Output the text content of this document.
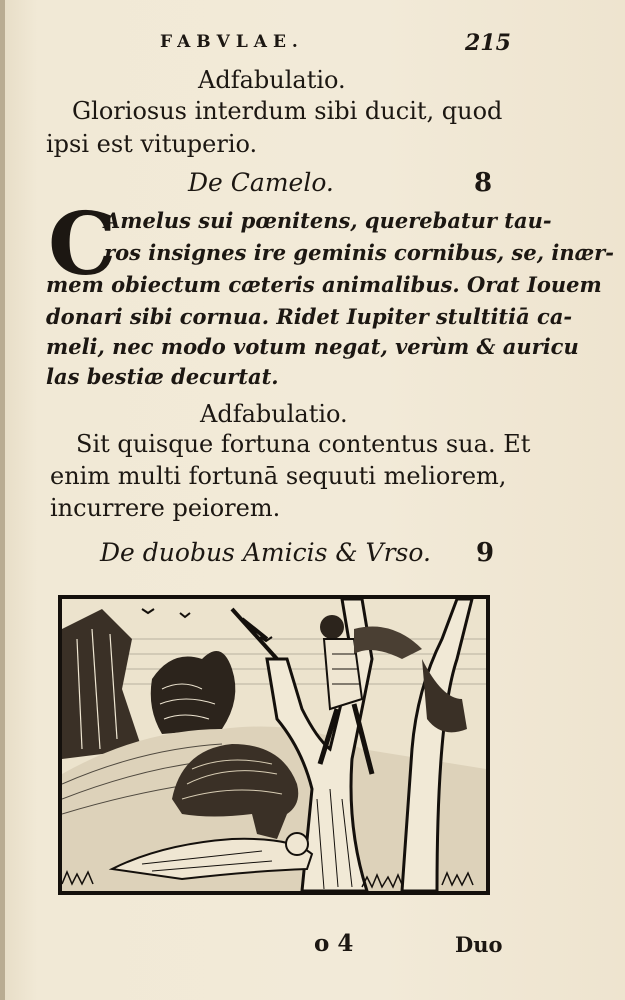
FABVLAE.	215
Adfabulatio.
Gloriosus interdum sibi ducit, quod
ipsi est vituperio.
De Camelo.	8
C
Amelus sui pœnitens, querebatur tau-
ros insignes ire geminis cornibus, se, inær-
mem obiectum cæteris animalibus. Orat Iouem
donari sibi cornua. Ridet Iupiter stultitiā ca-
meli, nec modo votum negat, verùm & auricu
las bestiæ decurtat.
Adfabulatio.
Sit quisque fortuna contentus sua. Et
enim multi fortunā sequuti meliorem,
incurrere peiorem.
De duobus Amicis & Vrso. 9
o 4	Duo
